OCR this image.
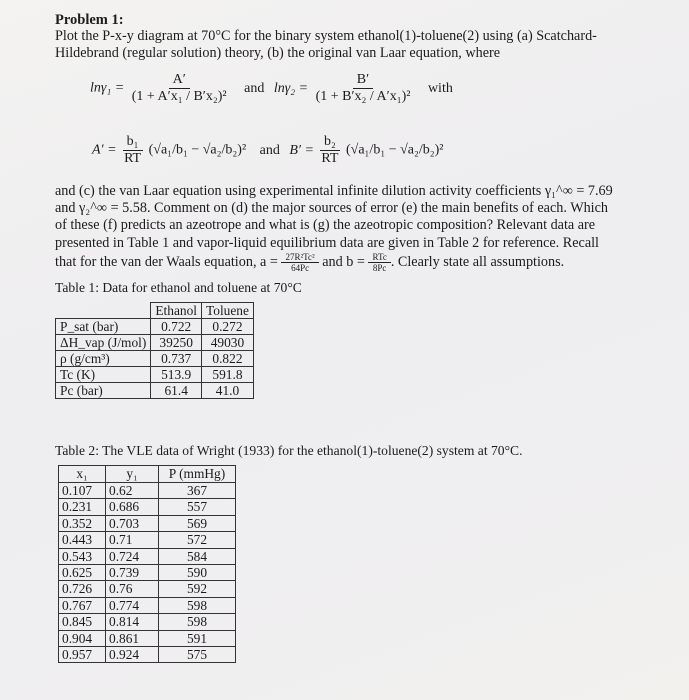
Problem 1:
Plot the P-x-y diagram at 70°C for the binary system ethanol(1)-toluene(2) using (a) Scatchard-
Hildebrand (regular solution) theory, (b) the original van Laar equation, where
$\ln\gamma_1 = \frac{A'}{\text{(1 + A′x₁ / B′x₂)²}}$ and $\ln\gamma_2 = \frac{B'}{\text{(1 + B′x₂ / A′x₁)²}}$ with
$A' = \frac{\text{b₁}}{RT} (√a_1/b_1 - √a_2/b_2)^2$ and $B' = \frac{\text{b₂}}{RT} (√a_1/b_1 - √a_2/b_2)^2$
and (c) the van Laar equation using experimental infinite dilution activity coefficients γ₁^∞ = 7.69
and γ₂^∞ = 5.58. Comment on (d) the major sources of error (e) the main benefits of each. Which
of these (f) predicts an azeotrope and what is (g) the azeotropic composition? Relevant data are
presented in Table 1 and vapor-liquid equilibrium data are given in Table 2 for reference. Recall
that for the van der Waals equation, $a = \frac{\text{27R²Tc²}}{64Pc}$ and $b = \frac{\text{RTc}}{8Pc}$ . Clearly state all assumptions.
Table 1: Data for ethanol and toluene at 70°C
	Ethanol	Toluene
P_sat (bar)	0.722	0.272
ΔH_vap (J/mol)	39250	49030
ρ (g/cm³)	0.737	0.822
Tc (K)	513.9	591.8
Pc (bar)	61.4	41.0
Table 2: The VLE data of Wright (1933) for the ethanol(1)-toluene(2) system at 70°C.
x₁	y₁	P (mmHg)
0.107	0.62	367
0.231	0.686	557
0.352	0.703	569
0.443	0.71	572
0.543	0.724	584
0.625	0.739	590
0.726	0.76	592
0.767	0.774	598
0.845	0.814	598
0.904	0.861	591
0.957	0.924	575
